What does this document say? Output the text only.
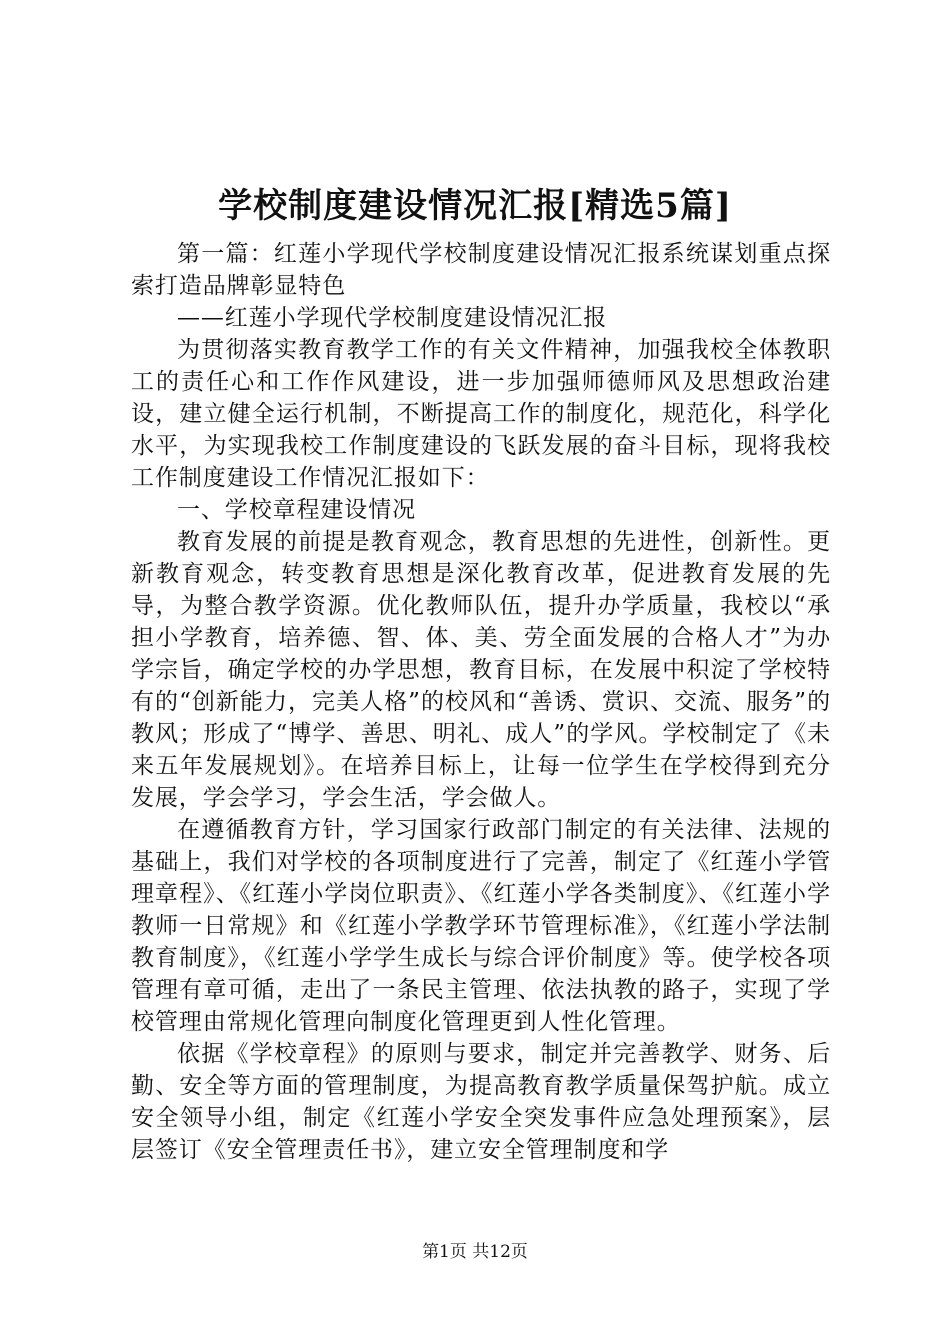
学校制度建设情况汇报[精选5篇]

第一篇：红莲小学现代学校制度建设情况汇报系统谋划重点探索打造品牌彰显特色

——红莲小学现代学校制度建设情况汇报

为贯彻落实教育教学工作的有关文件精神，加强我校全体教职工的责任心和工作作风建设，进一步加强师德师风及思想政治建设，建立健全运行机制，不断提高工作的制度化，规范化，科学化水平，为实现我校工作制度建设的飞跃发展的奋斗目标，现将我校工作制度建设工作情况汇报如下：

一、学校章程建设情况

教育发展的前提是教育观念，教育思想的先进性，创新性。更新教育观念，转变教育思想是深化教育改革，促进教育发展的先导，为整合教学资源。优化教师队伍，提升办学质量，我校以“承担小学教育，培养德、智、体、美、劳全面发展的合格人才”为办学宗旨，确定学校的办学思想，教育目标，在发展中积淀了学校特有的“创新能力，完美人格”的校风和“善诱、赏识、交流、服务”的教风；形成了“博学、善思、明礼、成人”的学风。学校制定了《未来五年发展规划》。在培养目标上，让每一位学生在学校得到充分发展，学会学习，学会生活，学会做人。

在遵循教育方针，学习国家行政部门制定的有关法律、法规的基础上，我们对学校的各项制度进行了完善，制定了《红莲小学管理章程》、《红莲小学岗位职责》、《红莲小学各类制度》、《红莲小学教师一日常规》和《红莲小学教学环节管理标准》，《红莲小学法制教育制度》，《红莲小学学生成长与综合评价制度》等。使学校各项管理有章可循，走出了一条民主管理、依法执教的路子，实现了学校管理由常规化管理向制度化管理更到人性化管理。

依据《学校章程》的原则与要求，制定并完善教学、财务、后勤、安全等方面的管理制度，为提高教育教学质量保驾护航。成立安全领导小组，制定《红莲小学安全突发事件应急处理预案》，层层签订《安全管理责任书》，建立安全管理制度和学

第1页 共12页
